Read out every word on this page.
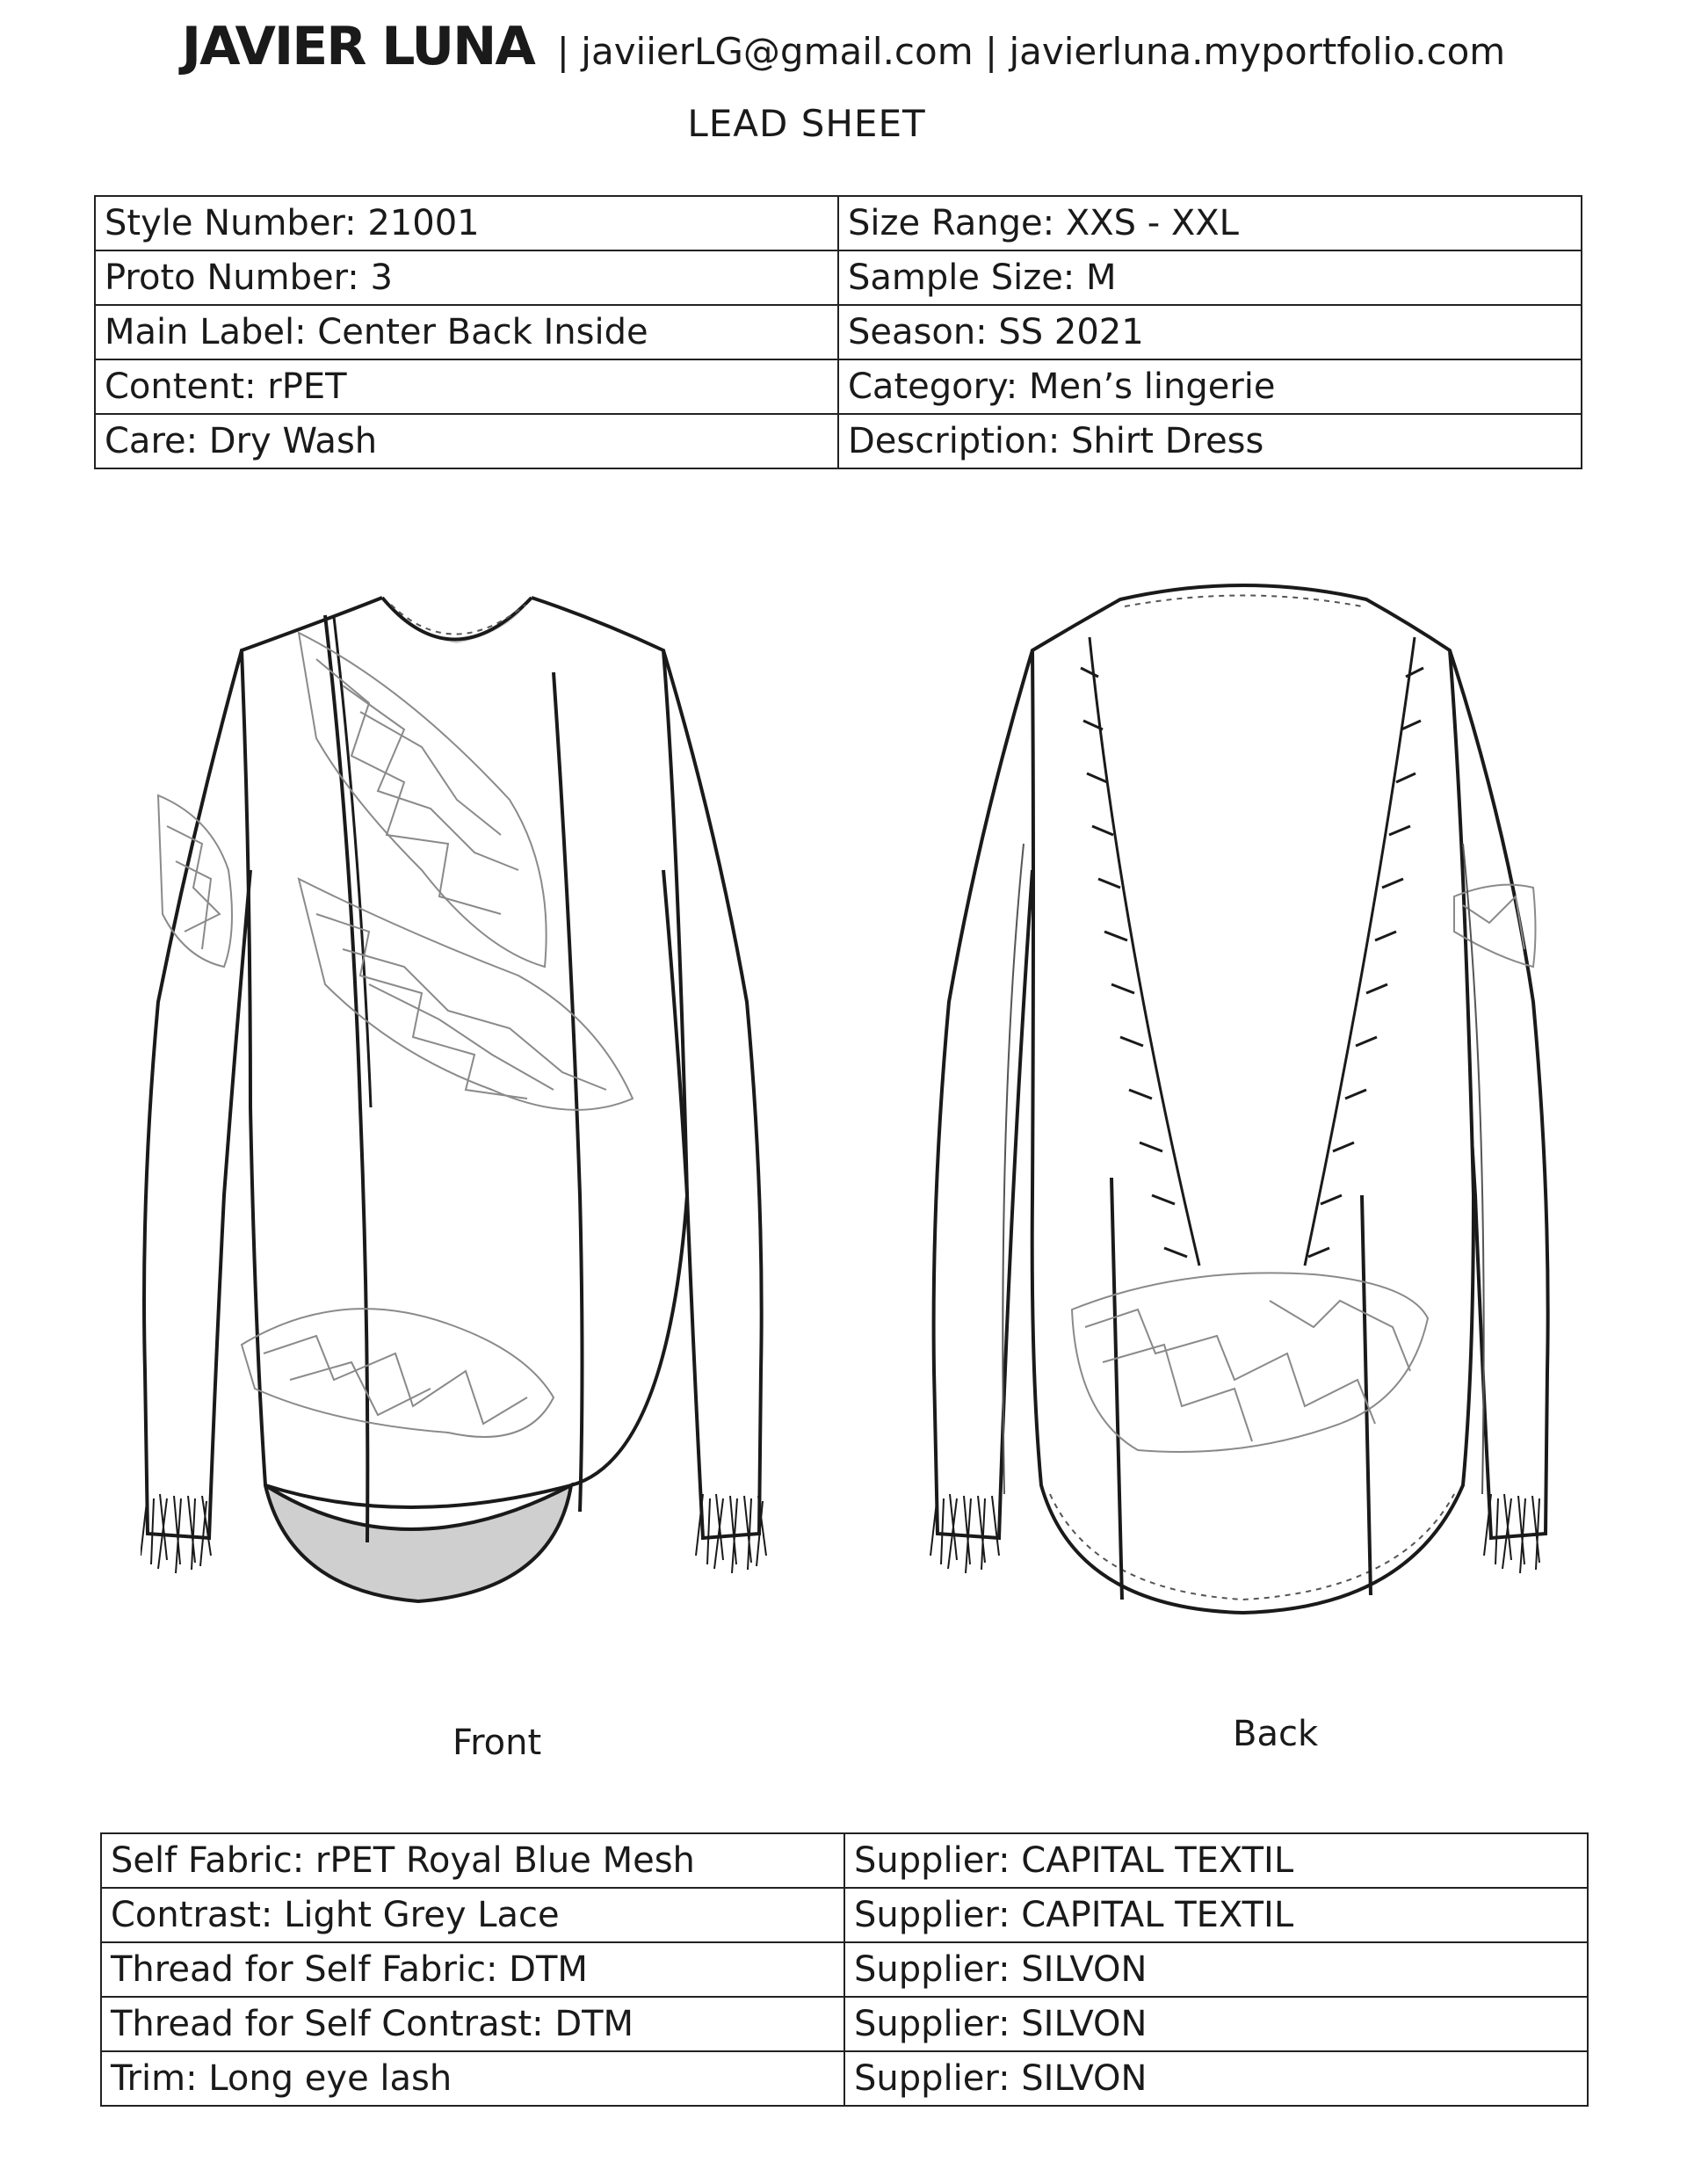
JAVIER LUNA | javiierLG@gmail.com | javierluna.myportfolio.com
LEAD SHEET
Style Number: 21001	Size Range: XXS - XXL
Proto Number: 3	Sample Size: M
Main Label: Center Back Inside	Season: SS 2021
Content: rPET	Category: Men’s lingerie
Care: Dry Wash	Description: Shirt Dress
Front	Back
Self Fabric: rPET Royal Blue Mesh	Supplier: CAPITAL TEXTIL
Contrast: Light Grey Lace	Supplier: CAPITAL TEXTIL
Thread for Self Fabric: DTM	Supplier: SILVON
Thread for Self Contrast: DTM	Supplier: SILVON
Trim: Long eye lash	Supplier: SILVON
